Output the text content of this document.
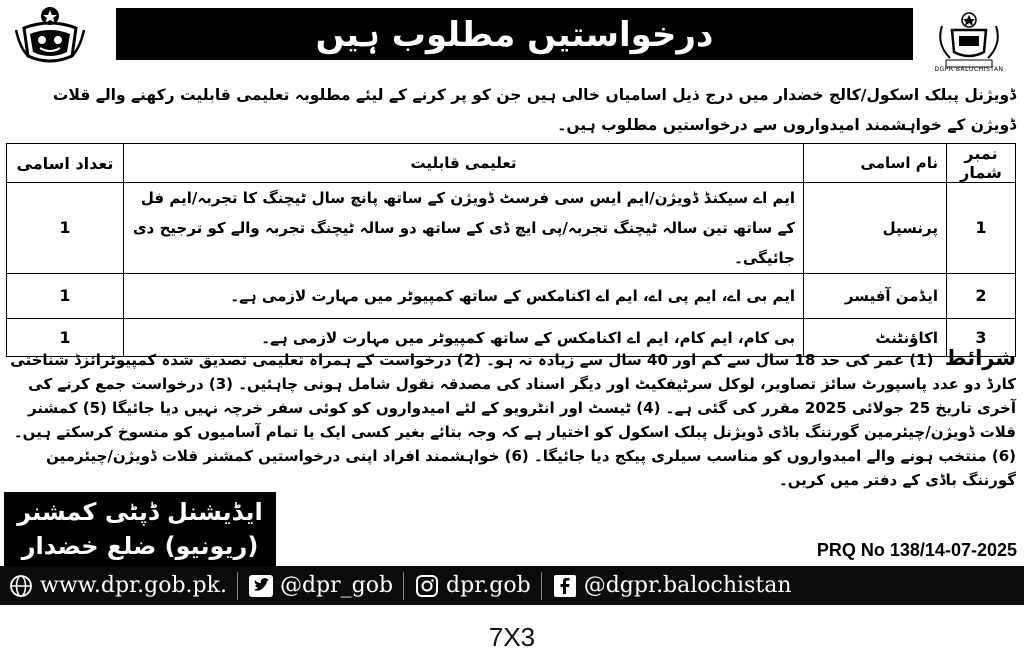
DGPR BALOCHISTAN
درخواستیں مطلوب ہیں
ڈویژنل پبلک اسکول/کالج خضدار میں درج ذیل اسامیاں خالی ہیں جن کو پر کرنے کے لیئے مطلوبہ تعلیمی قابلیت رکھنے والے قلات ڈویژن کے خواہشمند امیدواروں سے درخواستیں مطلوب ہیں۔
نمبر شمار	نام اسامی	تعلیمی قابلیت	تعداد اسامی
1	پرنسپل	ایم اے سیکنڈ ڈویژن/ایم ایس سی فرسٹ ڈویژن کے ساتھ پانچ سال ٹیچنگ کا تجربہ/ایم فل کے ساتھ تین سالہ ٹیچنگ تجربہ/پی ایچ ڈی کے ساتھ دو سالہ ٹیچنگ تجربہ والے کو ترجیح دی جائیگی۔	1
2	ایڈمن آفیسر	ایم بی اے، ایم پی اے، ایم اے اکنامکس کے ساتھ کمپیوٹر میں مہارت لازمی ہے۔	1
3	اکاؤنٹنٹ	بی کام، ایم کام، ایم اے اکنامکس کے ساتھ کمپیوٹر میں مہارت لازمی ہے۔	1
شرائط (1) عمر کی حد 18 سال سے کم اور 40 سال سے زیادہ نہ ہو۔ (2) درخواست کے ہمراہ تعلیمی تصدیق شدہ کمپیوٹرائزڈ شناختی کارڈ دو عدد پاسپورٹ سائز تصاویر، لوکل سرٹیفکیٹ اور دیگر اسناد کی مصدقہ نقول شامل ہونی چاہئیں۔ (3) درخواست جمع کرنے کی آخری تاریخ 25 جولائی 2025 مقرر کی گئی ہے۔ (4) ٹیسٹ اور انٹرویو کے لئے امیدواروں کو کوئی سفر خرچہ نہیں دیا جائیگا (5) کمشنر قلات ڈویژن/چیئرمین گورننگ باڈی ڈویژنل پبلک اسکول کو اختیار ہے کہ وجہ بتائے بغیر کسی ایک یا تمام آسامیوں کو منسوخ کرسکتے ہیں۔ (6) منتخب ہونے والے امیدواروں کو مناسب سیلری پیکج دیا جائیگا۔ (6) خواہشمند افراد اپنی درخواستیں کمشنر قلات ڈویژن/چیئرمین گورننگ باڈی کے دفتر میں کریں۔
ایڈیشنل ڈپٹی کمشنر
(ریونیو) ضلع خضدار	PRQ No 138/14-07-2025
www.dpr.gob.pk. @dpr_gob dpr.gob @dgpr.balochistan
7X3
